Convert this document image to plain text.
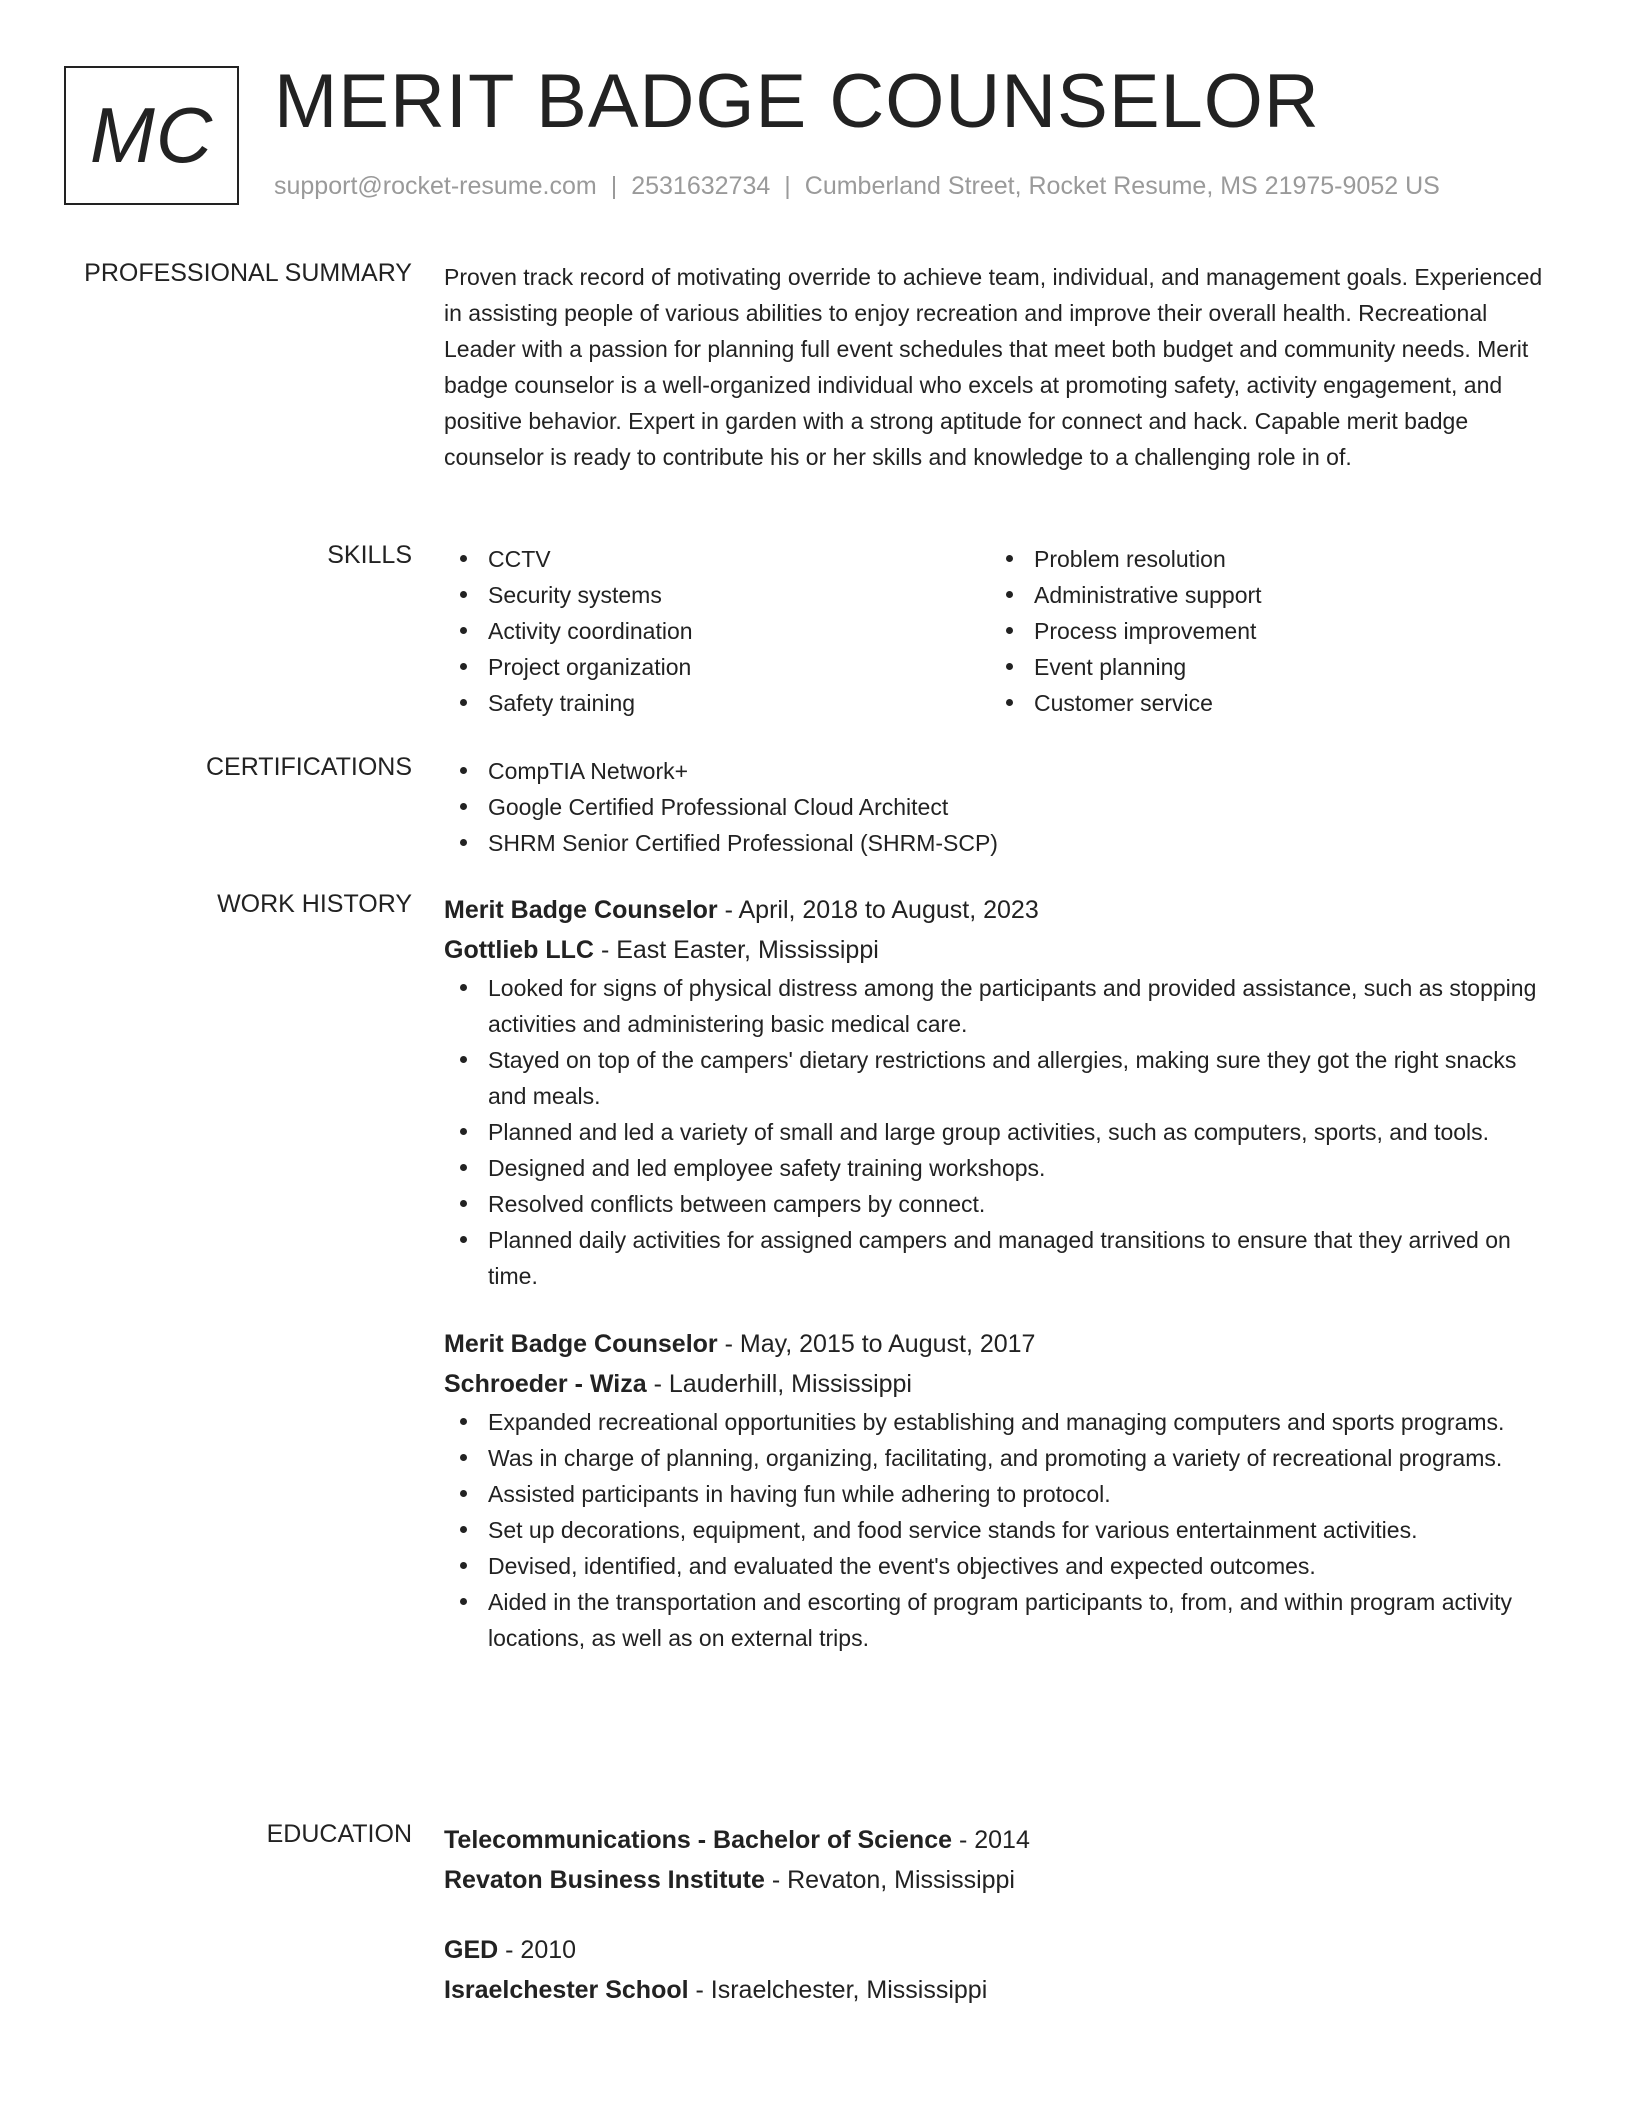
MC MERIT BADGE COUNSELOR
support@rocket-resume.com | 2531632734 | Cumberland Street, Rocket Resume, MS 21975-9052 US
PROFESSIONAL SUMMARY Proven track record of motivating override to achieve team, individual, and management goals. Experienced in assisting people of various abilities to enjoy recreation and improve their overall health. Recreational Leader with a passion for planning full event schedules that meet both budget and community needs. Merit badge counselor is a well-organized individual who excels at promoting safety, activity engagement, and positive behavior. Expert in garden with a strong aptitude for connect and hack. Capable merit badge counselor is ready to contribute his or her skills and knowledge to a challenging role in of.

SKILLS	CCTV
Security systems
Activity coordination
Project organization
Safety training
Problem resolution
Administrative support
Process improvement
Event planning
Customer service
CERTIFICATIONS	CompTIA Network+
Google Certified Professional Cloud Architect
SHRM Senior Certified Professional (SHRM-SCP)
WORK HISTORY Merit Badge Counselor - April, 2018 to August, 2023
Gottlieb LLC - East Easter, Mississippi
Looked for signs of physical distress among the participants and provided assistance, such as stopping activities and administering basic medical care.
Stayed on top of the campers' dietary restrictions and allergies, making sure they got the right snacks and meals.
Planned and led a variety of small and large group activities, such as computers, sports, and tools.
Designed and led employee safety training workshops.
Resolved conflicts between campers by connect.
Planned daily activities for assigned campers and managed transitions to ensure that they arrived on time.
Merit Badge Counselor - May, 2015 to August, 2017
Schroeder - Wiza - Lauderhill, Mississippi
Expanded recreational opportunities by establishing and managing computers and sports programs.
Was in charge of planning, organizing, facilitating, and promoting a variety of recreational programs.
Assisted participants in having fun while adhering to protocol.
Set up decorations, equipment, and food service stands for various entertainment activities.
Devised, identified, and evaluated the event's objectives and expected outcomes.
Aided in the transportation and escorting of program participants to, from, and within program activity locations, as well as on external trips.
EDUCATION Telecommunications - Bachelor of Science - 2014
Revaton Business Institute - Revaton, Mississippi
GED - 2010
Israelchester School - Israelchester, Mississippi
